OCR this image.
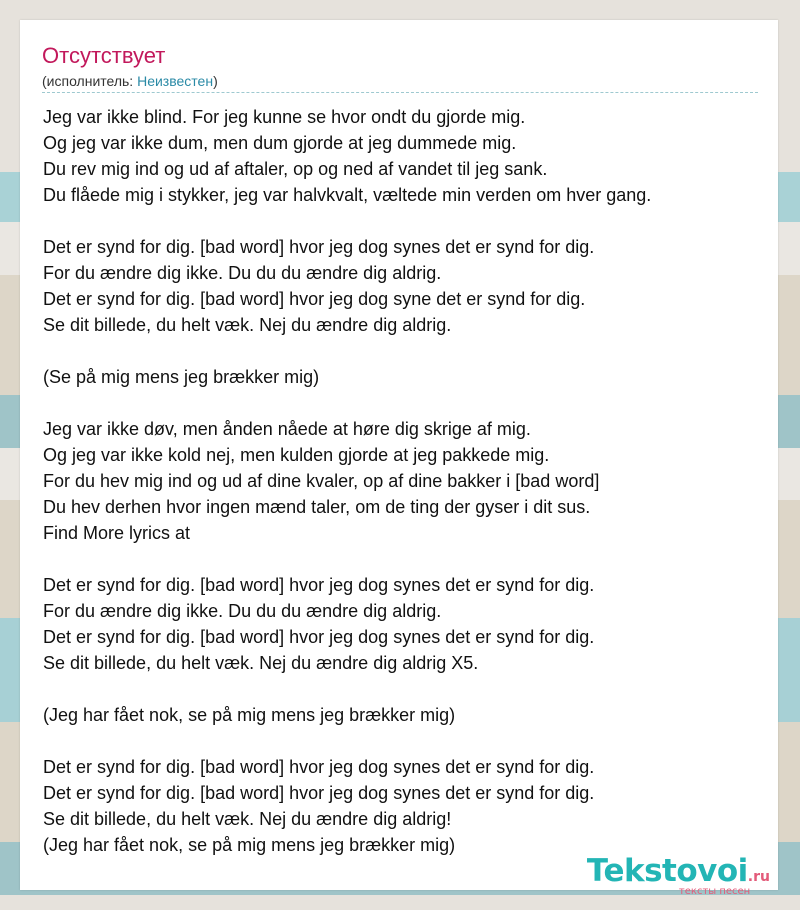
Отсутствует
(исполнитель: Неизвестен)
Jeg var ikke blind. For jeg kunne se hvor ondt du gjorde mig.
Og jeg var ikke dum, men dum gjorde at jeg dummede mig.
Du rev mig ind og ud af aftaler, op og ned af vandet til jeg sank.
Du flåede mig i stykker, jeg var halvkvalt, væltede min verden om hver gang.
Det er synd for dig. [bad word] hvor jeg dog synes det er synd for dig.
For du ændre dig ikke. Du du du ændre dig aldrig.
Det er synd for dig. [bad word] hvor jeg dog syne det er synd for dig.
Se dit billede, du helt væk. Nej du ændre dig aldrig.
(Se på mig mens jeg brækker mig)
Jeg var ikke døv, men ånden nåede at høre dig skrige af mig.
Og jeg var ikke kold nej, men kulden gjorde at jeg pakkede mig.
For du hev mig ind og ud af dine kvaler, op af dine bakker i [bad word]
Du hev derhen hvor ingen mænd taler, om de ting der gyser i dit sus.
Find More lyrics at
Det er synd for dig. [bad word] hvor jeg dog synes det er synd for dig.
For du ændre dig ikke. Du du du ændre dig aldrig.
Det er synd for dig. [bad word] hvor jeg dog synes det er synd for dig.
Se dit billede, du helt væk. Nej du ændre dig aldrig X5.
(Jeg har fået nok, se på mig mens jeg brækker mig)
Det er synd for dig. [bad word] hvor jeg dog synes det er synd for dig.
Det er synd for dig. [bad word] hvor jeg dog synes det er synd for dig.
Se dit billede, du helt væk. Nej du ændre dig aldrig!
(Jeg har fået nok, se på mig mens jeg brækker mig)
Tekstovoi.ru
тексты песен
